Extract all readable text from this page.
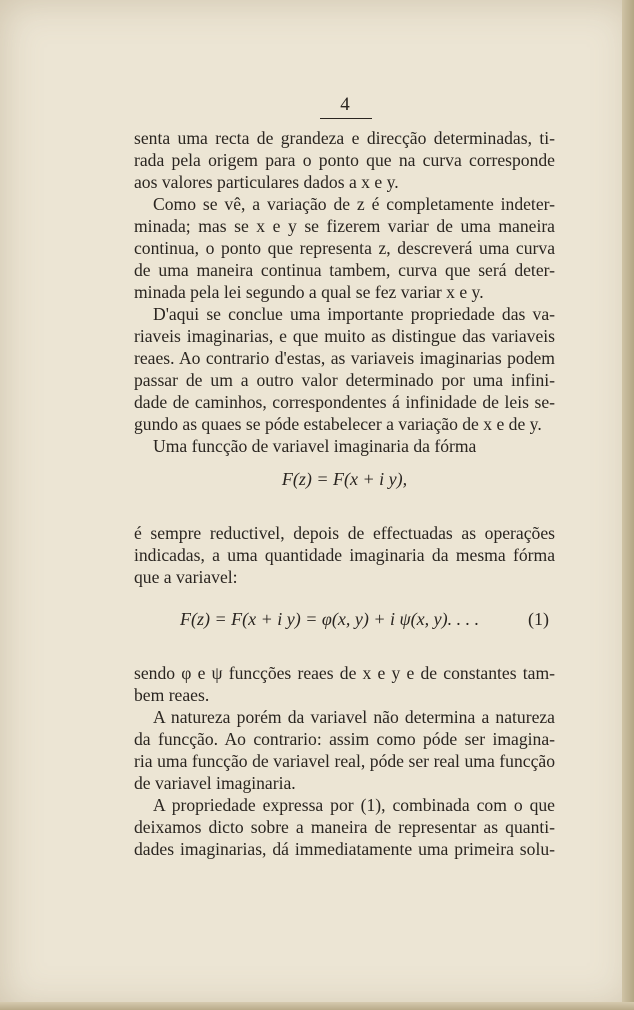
4
senta uma recta de grandeza e direcção determinadas, ti-
rada pela origem para o ponto que na curva corresponde
aos valores particulares dados a x e y.
Como se vê, a variação de z é completamente indeter-
minada; mas se x e y se fizerem variar de uma maneira
continua, o ponto que representa z, descreverá uma curva
de uma maneira continua tambem, curva que será deter-
minada pela lei segundo a qual se fez variar x e y.
D'aqui se conclue uma importante propriedade das va-
riaveis imaginarias, e que muito as distingue das variaveis
reaes. Ao contrario d'estas, as variaveis imaginarias podem
passar de um a outro valor determinado por uma infini-
dade de caminhos, correspondentes á infinidade de leis se-
gundo as quaes se póde estabelecer a variação de x e de y.
Uma funcção de variavel imaginaria da fórma
F(z) = F(x + i y),
é sempre reductivel, depois de effectuadas as operações
indicadas, a uma quantidade imaginaria da mesma fórma
que a variavel:
F(z) = F(x + i y) = φ(x, y) + i ψ(x, y). . . .	(1)
sendo φ e ψ funcções reaes de x e y e de constantes tam-
bem reaes.
A natureza porém da variavel não determina a natureza
da funcção. Ao contrario: assim como póde ser imagina-
ria uma funcção de variavel real, póde ser real uma funcção
de variavel imaginaria.
A propriedade expressa por (1), combinada com o que
deixamos dicto sobre a maneira de representar as quanti-
dades imaginarias, dá immediatamente uma primeira solu-
